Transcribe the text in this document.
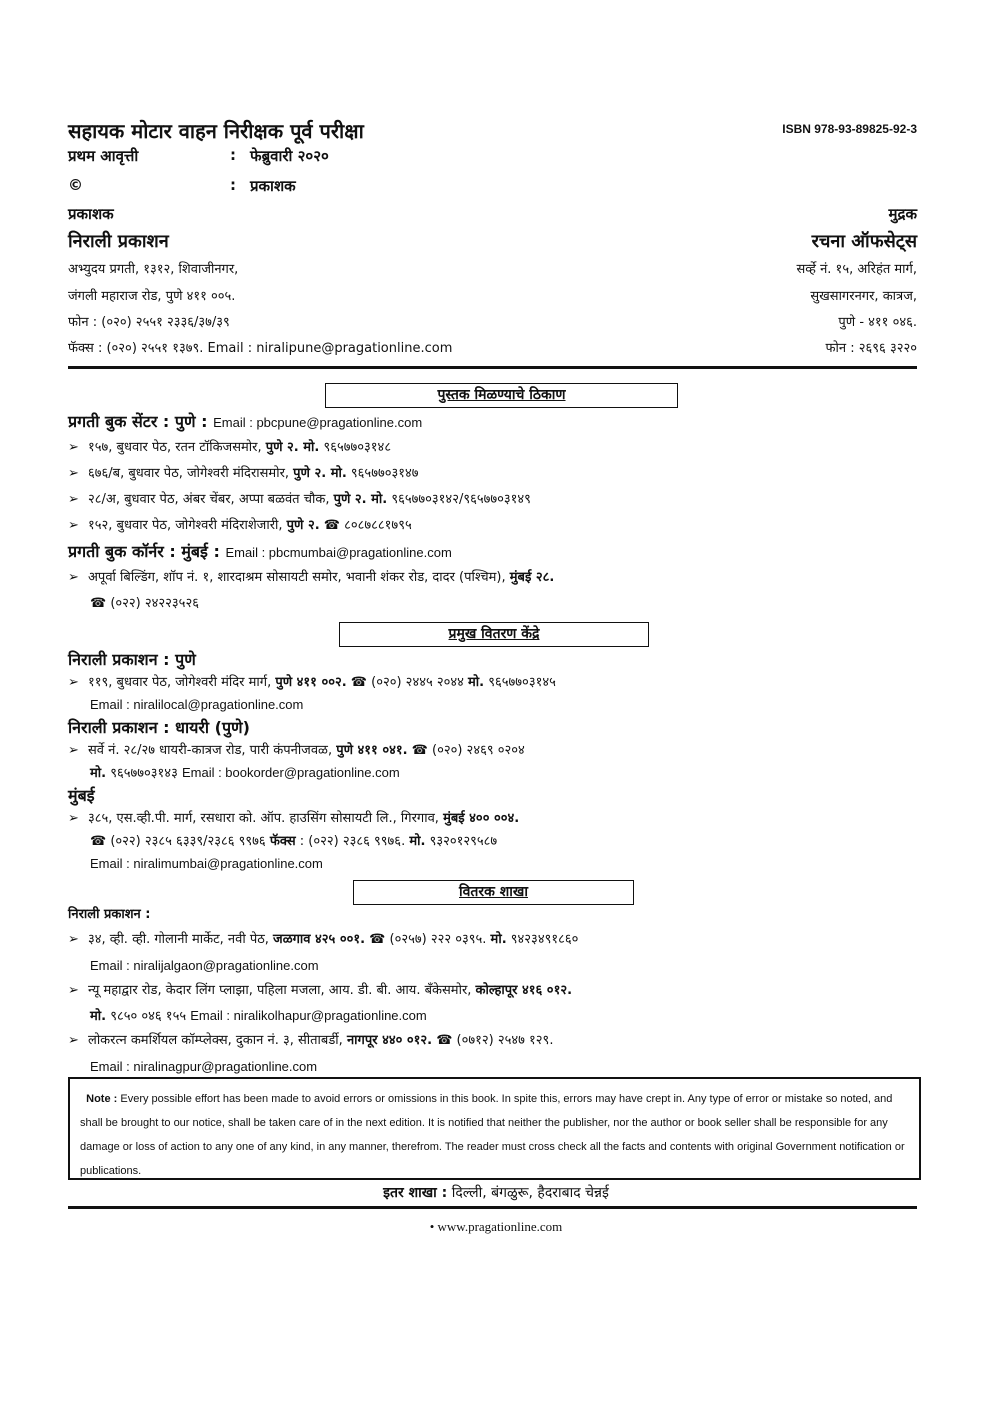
सहायक मोटार वाहन निरीक्षक पूर्व परीक्षा	ISBN 978-93-89825-92-3
प्रथम आवृत्ती	: फेब्रुवारी २०२०
©	: प्रकाशक
प्रकाशक
निराली प्रकाशन
अभ्युदय प्रगती, १३१२, शिवाजीनगर,
जंगली महाराज रोड, पुणे ४११ ००५.
फोन : (०२०) २५५१ २३३६/३७/३९
फॅक्स : (०२०) २५५१ १३७९. Email : niralipune@pragationline.com
मुद्रक
रचना ऑफसेट्स
सर्व्हे नं. १५, अरिहंत मार्ग,
सुखसागरनगर, कात्रज,
पुणे - ४११ ०४६.
फोन : २६९६ ३२२०
पुस्तक मिळण्याचे ठिकाण
प्रगती बुक सेंटर : पुणे : Email : pbcpune@pragationline.com
➢ १५७, बुधवार पेठ, रतन टॉकिजसमोर, पुणे २. मो. ९६५७७०३१४८
➢ ६७६/ब, बुधवार पेठ, जोगेश्वरी मंदिरासमोर, पुणे २. मो. ९६५७७०३१४७
➢ २८/अ, बुधवार पेठ, अंबर चेंबर, अप्पा बळवंत चौक, पुणे २. मो. ९६५७७०३१४२/९६५७७०३१४९
➢ १५२, बुधवार पेठ, जोगेश्वरी मंदिराशेजारी, पुणे २. ☎ ८०८७८८१७९५
प्रगती बुक कॉर्नर : मुंबई : Email : pbcmumbai@pragationline.com
➢ अपूर्वा बिल्डिंग, शॉप नं. १, शारदाश्रम सोसायटी समोर, भवानी शंकर रोड, दादर (पश्चिम), मुंबई २८.
☎ (०२२) २४२२३५२६
प्रमुख वितरण केंद्रे
निराली प्रकाशन : पुणे
➢ ११९, बुधवार पेठ, जोगेश्वरी मंदिर मार्ग, पुणे ४११ ००२. ☎ (०२०) २४४५ २०४४ मो. ९६५७७०३१४५
Email : niralilocal@pragationline.com
निराली प्रकाशन : धायरी (पुणे)
➢ सर्वे नं. २८/२७ धायरी-कात्रज रोड, पारी कंपनीजवळ, पुणे ४११ ०४१. ☎ (०२०) २४६९ ०२०४
मो. ९६५७७०३१४३ Email : bookorder@pragationline.com
मुंबई
➢ ३८५, एस.व्ही.पी. मार्ग, रसधारा को. ऑप. हाउसिंग सोसायटी लि., गिरगाव, मुंबई ४०० ००४.
☎ (०२२) २३८५ ६३३९/२३८६ ९९७६ फॅक्स : (०२२) २३८६ ९९७६. मो. ९३२०१२९५८७
Email : niralimumbai@pragationline.com
वितरक शाखा
निराली प्रकाशन :
➢ ३४, व्ही. व्ही. गोलानी मार्केट, नवी पेठ, जळगाव ४२५ ००१. ☎ (०२५७) २२२ ०३९५. मो. ९४२३४९१८६०
Email : niralijalgaon@pragationline.com
➢ न्यू महाद्वार रोड, केदार लिंग प्लाझा, पहिला मजला, आय. डी. बी. आय. बँकेसमोर, कोल्हापूर ४१६ ०१२.
मो. ९८५० ०४६ १५५ Email : niralikolhapur@pragationline.com
➢ लोकरत्न कमर्शियल कॉम्प्लेक्स, दुकान नं. ३, सीताबर्डी, नागपूर ४४० ०१२. ☎ (०७१२) २५४७ १२९.
Email : niralinagpur@pragationline.com
Note : Every possible effort has been made to avoid errors or omissions in this book. In spite this, errors may have crept in. Any type of error or mistake so noted, and shall be brought to our notice, shall be taken care of in the next edition. It is notified that neither the publisher, nor the author or book seller shall be responsible for any damage or loss of action to any one of any kind, in any manner, therefrom. The reader must cross check all the facts and contents with original Government notification or publications.
इतर शाखा : दिल्ली, बंगळुरू, हैदराबाद चेन्नई
• www.pragationline.com
